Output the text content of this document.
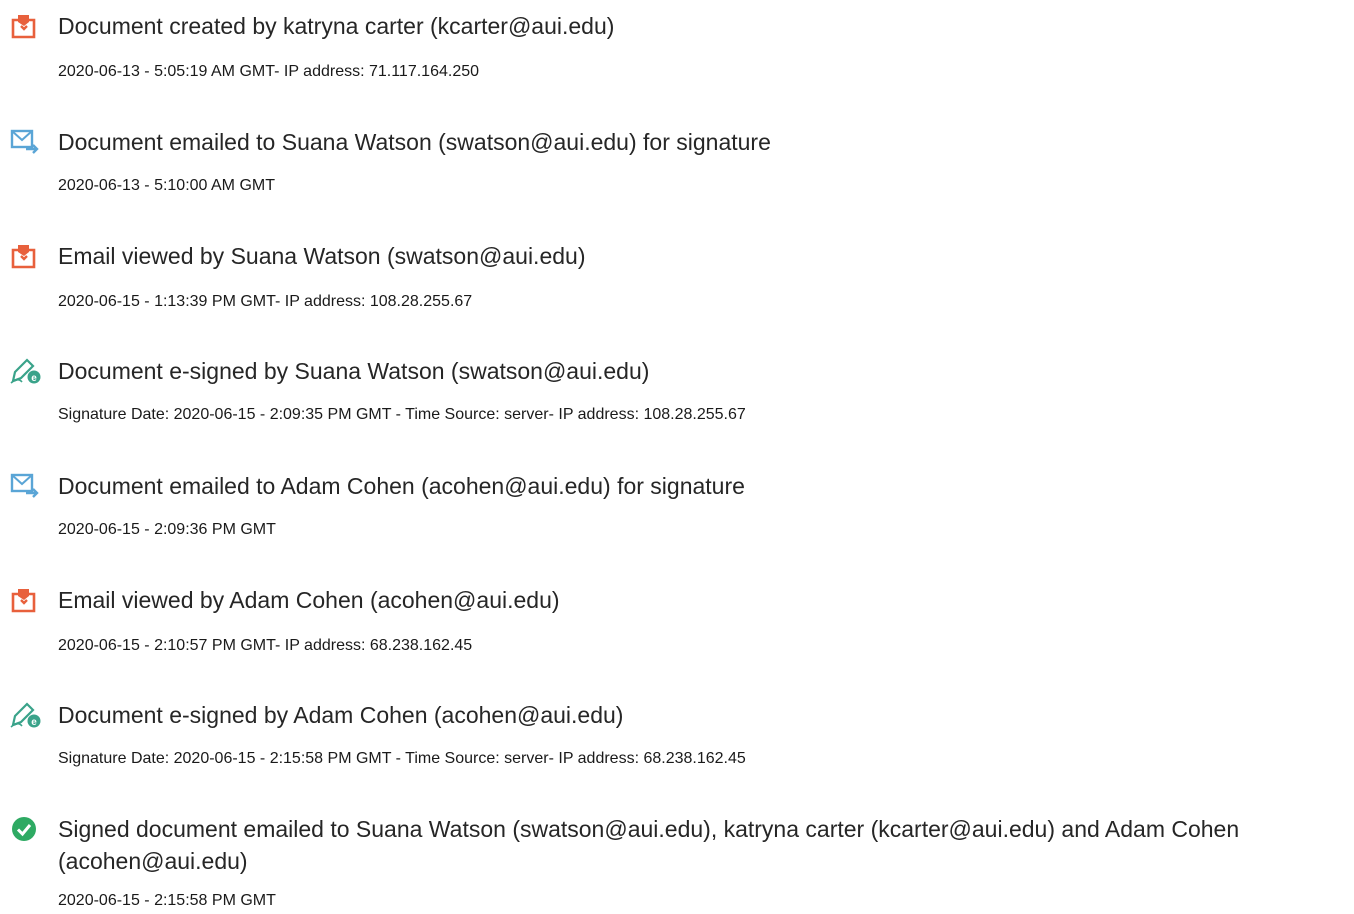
Document created by katryna carter (kcarter@aui.edu)
2020-06-13 - 5:05:19 AM GMT- IP address: 71.117.164.250
Document emailed to Suana Watson (swatson@aui.edu) for signature
2020-06-13 - 5:10:00 AM GMT
Email viewed by Suana Watson (swatson@aui.edu)
2020-06-15 - 1:13:39 PM GMT- IP address: 108.28.255.67
e Document e-signed by Suana Watson (swatson@aui.edu)
Signature Date: 2020-06-15 - 2:09:35 PM GMT - Time Source: server- IP address: 108.28.255.67
Document emailed to Adam Cohen (acohen@aui.edu) for signature
2020-06-15 - 2:09:36 PM GMT
Email viewed by Adam Cohen (acohen@aui.edu)
2020-06-15 - 2:10:57 PM GMT- IP address: 68.238.162.45
e Document e-signed by Adam Cohen (acohen@aui.edu)
Signature Date: 2020-06-15 - 2:15:58 PM GMT - Time Source: server- IP address: 68.238.162.45
Signed document emailed to Suana Watson (swatson@aui.edu), katryna carter (kcarter@aui.edu) and Adam Cohen (acohen@aui.edu)
2020-06-15 - 2:15:58 PM GMT
